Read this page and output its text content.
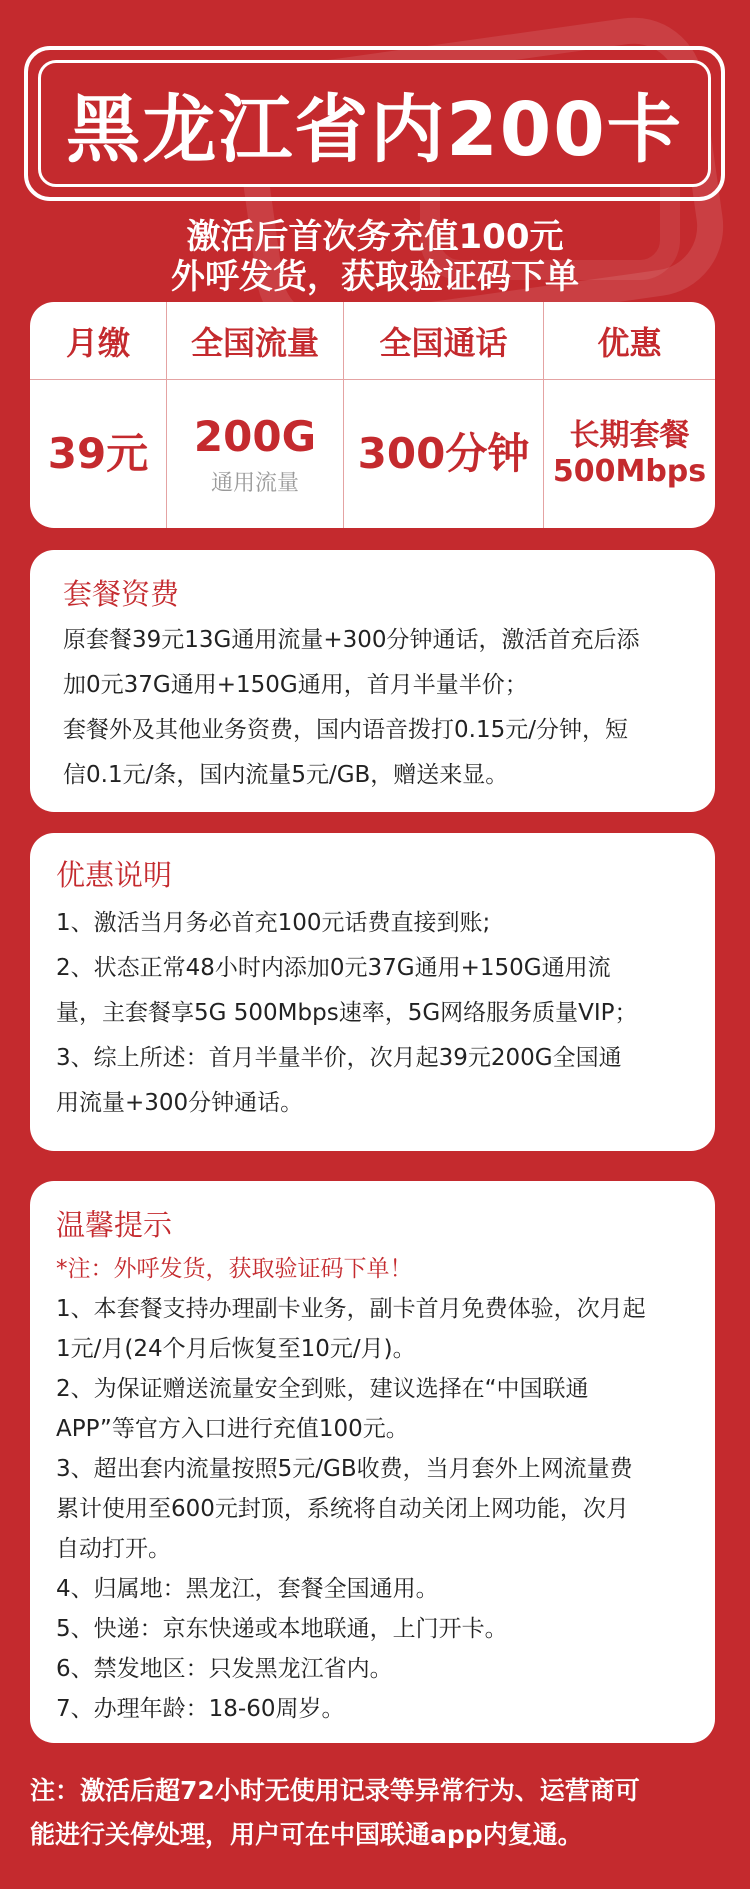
黑龙江省内200卡
激活后首次务充值100元
外呼发货，获取验证码下单
月缴
39元
全国流量
200G
通用流量
全国通话
300分钟
优惠
长期套餐
500Mbps
套餐资费

原套餐39元13G通用流量+300分钟通话，激活首充后添

加0元37G通用+150G通用，首月半量半价；

套餐外及其他业务资费，国内语音拨打0.15元/分钟，短

信0.1元/条，国内流量5元/GB，赠送来显。

优惠说明

1、激活当月务必首充100元话费直接到账;

2、状态正常48小时内添加0元37G通用+150G通用流

量，主套餐享5G 500Mbps速率，5G网络服务质量VIP；

3、综上所述：首月半量半价，次月起39元200G全国通

用流量+300分钟通话。

温馨提示

*注：外呼发货，获取验证码下单！

1、本套餐支持办理副卡业务，副卡首月免费体验，次月起

1元/月(24个月后恢复至10元/月)。

2、为保证赠送流量安全到账，建议选择在“中国联通

APP”等官方入口进行充值100元。

3、超出套内流量按照5元/GB收费，当月套外上网流量费

累计使用至600元封顶，系统将自动关闭上网功能，次月

自动打开。

4、归属地：黑龙江，套餐全国通用。

5、快递：京东快递或本地联通，上门开卡。

6、禁发地区：只发黑龙江省内。

7、办理年龄：18-60周岁。

注：激活后超72小时无使用记录等异常行为、运营商可

能进行关停处理，用户可在中国联通app内复通。
